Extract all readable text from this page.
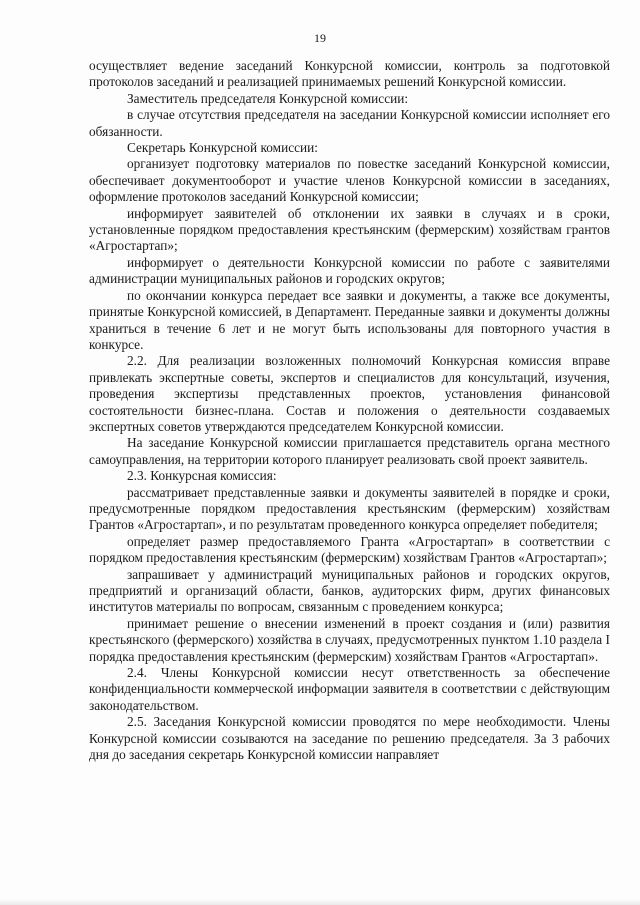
19

осуществляет ведение заседаний Конкурсной комиссии, контроль за подготовкой протоколов заседаний и реализацией принимаемых решений Конкурсной комиссии.

Заместитель председателя Конкурсной комиссии:

в случае отсутствия председателя на заседании Конкурсной комиссии исполняет его обязанности.

Секретарь Конкурсной комиссии:

организует подготовку материалов по повестке заседаний Конкурсной комиссии, обеспечивает документооборот и участие членов Конкурсной комиссии в заседаниях, оформление протоколов заседаний Конкурсной комиссии;

информирует заявителей об отклонении их заявки в случаях и в сроки, установленные порядком предоставления крестьянским (фермерским) хозяйствам грантов «Агростартап»;

информирует о деятельности Конкурсной комиссии по работе с заявителями администрации муниципальных районов и городских округов;

по окончании конкурса передает все заявки и документы, а также все документы, принятые Конкурсной комиссией, в Департамент. Переданные заявки и документы должны храниться в течение 6 лет и не могут быть использованы для повторного участия в конкурсе.

2.2. Для реализации возложенных полномочий Конкурсная комиссия вправе привлекать экспертные советы, экспертов и специалистов для консультаций, изучения, проведения экспертизы представленных проектов, установления финансовой состоятельности бизнес-плана. Состав и положения о деятельности создаваемых экспертных советов утверждаются председателем Конкурсной комиссии.

На заседание Конкурсной комиссии приглашается представитель органа местного самоуправления, на территории которого планирует реализовать свой проект заявитель.

2.3. Конкурсная комиссия:

рассматривает представленные заявки и документы заявителей в порядке и сроки, предусмотренные порядком предоставления крестьянским (фермерским) хозяйствам Грантов «Агростартап», и по результатам проведенного конкурса определяет победителя;

определяет размер предоставляемого Гранта «Агростартап» в соответствии с порядком предоставления крестьянским (фермерским) хозяйствам Грантов «Агростартап»;

запрашивает у администраций муниципальных районов и городских округов, предприятий и организаций области, банков, аудиторских фирм, других финансовых институтов материалы по вопросам, связанным с проведением конкурса;

принимает решение о внесении изменений в проект создания и (или) развития крестьянского (фермерского) хозяйства в случаях, предусмотренных пунктом 1.10 раздела I порядка предоставления крестьянским (фермерским) хозяйствам Грантов «Агростартап».

2.4. Члены Конкурсной комиссии несут ответственность за обеспечение конфиденциальности коммерческой информации заявителя в соответствии с действующим законодательством.

2.5. Заседания Конкурсной комиссии проводятся по мере необходимости. Члены Конкурсной комиссии созываются на заседание по решению председателя. За 3 рабочих дня до заседания секретарь Конкурсной комиссии направляет
